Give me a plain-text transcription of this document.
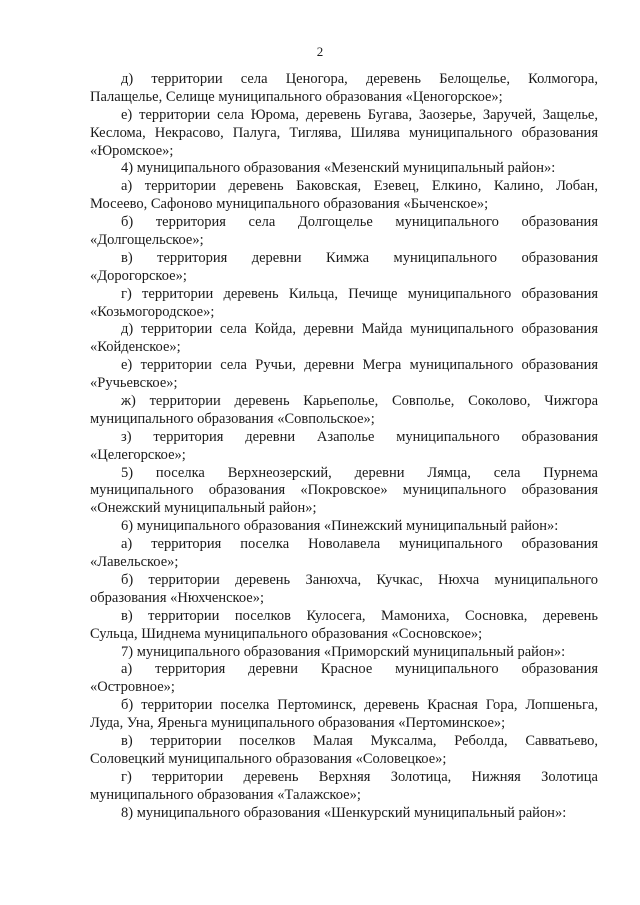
2
д) территории села Ценогора, деревень Белощелье, Колмогора,
Палащелье, Селище муниципального образования «Ценогорское»;
е) территории села Юрома, деревень Бугава, Заозерье, Заручей, Защелье,
Кеслома, Некрасово, Палуга, Тиглява, Шилява муниципального образования
«Юромское»;
4) муниципального образования «Мезенский муниципальный район»:
а) территории деревень Баковская, Езевец, Елкино, Калино, Лобан,
Мосеево, Сафоново муниципального образования «Быченское»;
б) территория села Долгощелье муниципального образования
«Долгощельское»;
в) территория деревни Кимжа муниципального образования
«Дорогорское»;
г) территории деревень Кильца, Печище муниципального образования
«Козьмогородское»;
д) территории села Койда, деревни Майда муниципального образования
«Койденское»;
е) территории села Ручьи, деревни Мегра муниципального образования
«Ручьевское»;
ж) территории деревень Карьеполье, Совполье, Соколово, Чижгора
муниципального образования «Совпольское»;
з) территория деревни Азаполье муниципального образования
«Целегорское»;
5) поселка Верхнеозерский, деревни Лямца, села Пурнема
муниципального образования «Покровское» муниципального образования
«Онежский муниципальный район»;
6) муниципального образования «Пинежский муниципальный район»:
а) территория поселка Новолавела муниципального образования
«Лавельское»;
б) территории деревень Занюхча, Кучкас, Нюхча муниципального
образования «Нюхченское»;
в) территории поселков Кулосега, Мамониха, Сосновка, деревень
Сульца, Шиднема муниципального образования «Сосновское»;
7) муниципального образования «Приморский муниципальный район»:
а) территория деревни Красное муниципального образования
«Островное»;
б) территории поселка Пертоминск, деревень Красная Гора, Лопшеньга,
Луда, Уна, Яреньга муниципального образования «Пертоминское»;
в) территории поселков Малая Муксалма, Реболда, Савватьево,
Соловецкий муниципального образования «Соловецкое»;
г) территории деревень Верхняя Золотица, Нижняя Золотица
муниципального образования «Талажское»;
8) муниципального образования «Шенкурский муниципальный район»:
